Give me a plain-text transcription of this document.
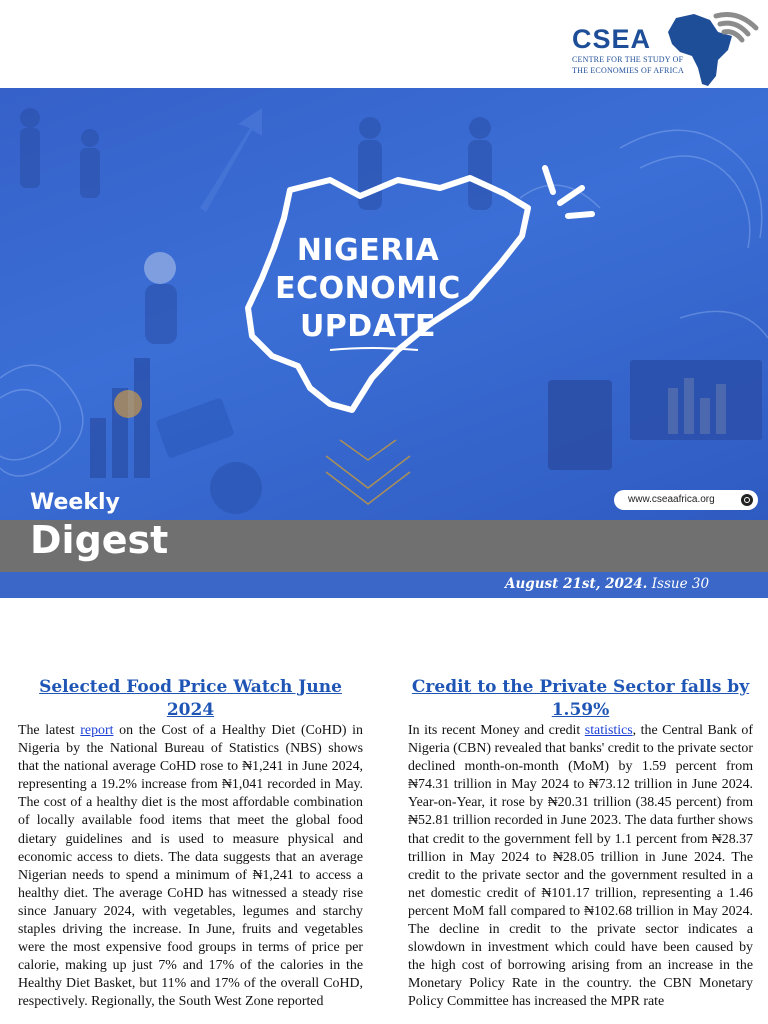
CSEA
CENTRE FOR THE STUDY OF
THE ECONOMIES OF AFRICA
NIGERIA
ECONOMIC
UPDATE
www.cseaafrica.org
Weekly
Digest
August 21st, 2024. Issue 30
Selected Food Price Watch June 2024

The latest report on the Cost of a Healthy Diet (CoHD) in Nigeria by the National Bureau of Statistics (NBS) shows that the national average CoHD rose to ₦1,241 in June 2024, representing a 19.2% increase from ₦1,041 recorded in May. The cost of a healthy diet is the most affordable combination of locally available food items that meet the global food dietary guidelines and is used to measure physical and economic access to diets. The data suggests that an average Nigerian needs to spend a minimum of ₦1,241 to access a healthy diet. The average CoHD has witnessed a steady rise since January 2024, with vegetables, legumes and starchy staples driving the increase. In June, fruits and vegetables were the most expensive food groups in terms of price per calorie, making up just 7% and 17% of the calories in the Healthy Diet Basket, but 11% and 17% of the overall CoHD, respectively. Regionally, the South West Zone reported

Credit to the Private Sector falls by 1.59%

In its recent Money and credit statistics, the Central Bank of Nigeria (CBN) revealed that banks' credit to the private sector declined month-on-month (MoM) by 1.59 percent from ₦74.31 trillion in May 2024 to ₦73.12 trillion in June 2024. Year-on-Year, it rose by ₦20.31 trillion (38.45 percent) from ₦52.81 trillion recorded in June 2023. The data further shows that credit to the government fell by 1.1 percent from ₦28.37 trillion in May 2024 to ₦28.05 trillion in June 2024. The credit to the private sector and the government resulted in a net domestic credit of ₦101.17 trillion, representing a 1.46 percent MoM fall compared to ₦102.68 trillion in May 2024. The decline in credit to the private sector indicates a slowdown in investment which could have been caused by the high cost of borrowing arising from an increase in the Monetary Policy Rate in the country. the CBN Monetary Policy Committee has increased the MPR rate
